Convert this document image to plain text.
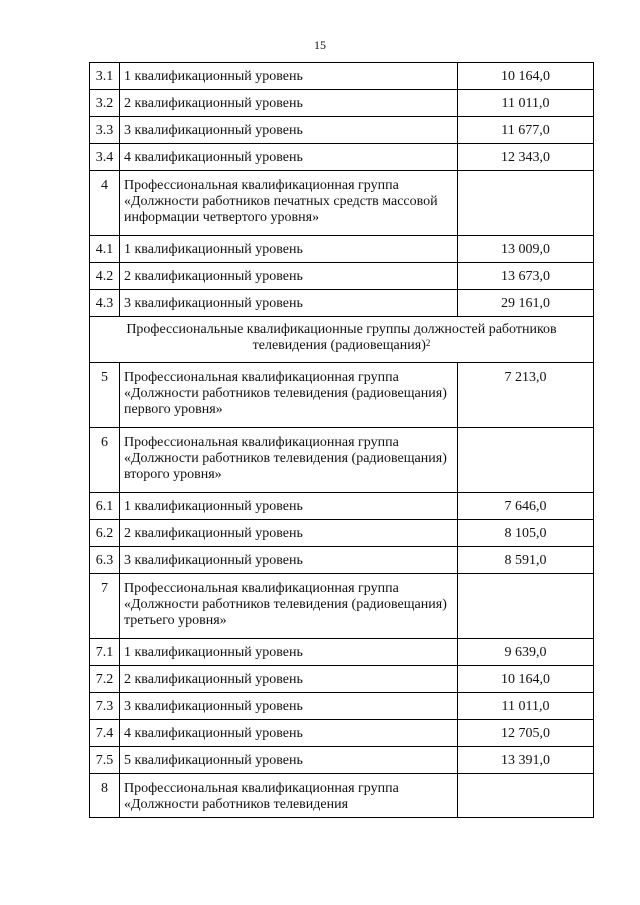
15
3.1	1 квалификационный уровень	10 164,0
3.2	2 квалификационный уровень	11 011,0
3.3	3 квалификационный уровень	11 677,0
3.4	4 квалификационный уровень	12 343,0
4	Профессиональная квалификационная группа «Должности работников печатных средств массовой информации четвертого уровня»	
4.1	1 квалификационный уровень	13 009,0
4.2	2 квалификационный уровень	13 673,0
4.3	3 квалификационный уровень	29 161,0
Профессиональные квалификационные группы должностей работников телевидения (радиовещания)$^2$
5	Профессиональная квалификационная группа «Должности работников телевидения (радиовещания) первого уровня»	7 213,0
6	Профессиональная квалификационная группа «Должности работников телевидения (радиовещания) второго уровня»	
6.1	1 квалификационный уровень	7 646,0
6.2	2 квалификационный уровень	8 105,0
6.3	3 квалификационный уровень	8 591,0
7	Профессиональная квалификационная группа «Должности работников телевидения (радиовещания) третьего уровня»	
7.1	1 квалификационный уровень	9 639,0
7.2	2 квалификационный уровень	10 164,0
7.3	3 квалификационный уровень	11 011,0
7.4	4 квалификационный уровень	12 705,0
7.5	5 квалификационный уровень	13 391,0
8	Профессиональная квалификационная группа «Должности работников телевидения	
